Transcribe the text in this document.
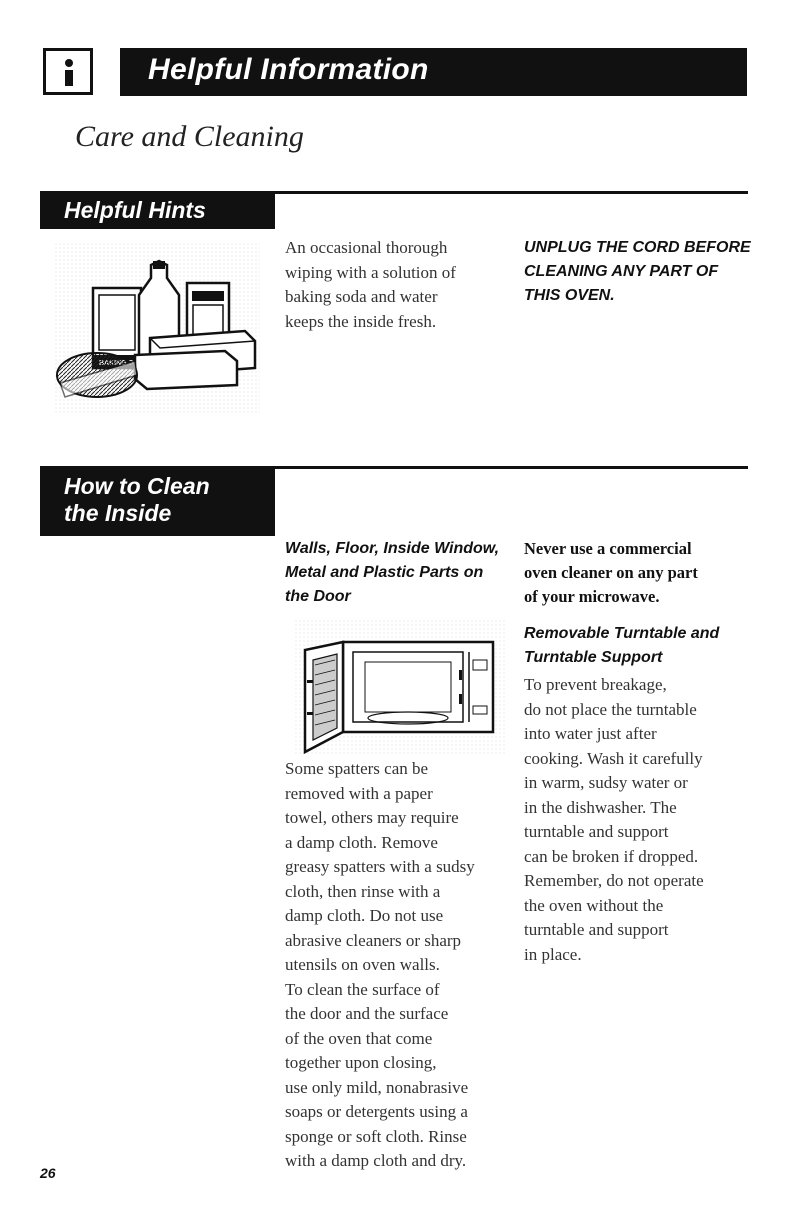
Helpful Information
Care and Cleaning
Helpful Hints
An occasional thorough
wiping with a solution of
baking soda and water
keeps the inside fresh.
UNPLUG THE CORD BEFORE
CLEANING ANY PART OF
THIS OVEN.
How to Clean
the Inside
Walls, Floor, Inside Window,
Metal and Plastic Parts on
the Door
Some spatters can be
removed with a paper
towel, others may require
a damp cloth. Remove
greasy spatters with a sudsy
cloth, then rinse with a
damp cloth. Do not use
abrasive cleaners or sharp
utensils on oven walls.
To clean the surface of
the door and the surface
of the oven that come
together upon closing,
use only mild, nonabrasive
soaps or detergents using a
sponge or soft cloth. Rinse
with a damp cloth and dry.
Never use a commercial
oven cleaner on any part
of your microwave.
Removable Turntable and
Turntable Support
To prevent breakage,
do not place the turntable
into water just after
cooking. Wash it carefully
in warm, sudsy water or
in the dishwasher. The
turntable and support
can be broken if dropped.
Remember, do not operate
the oven without the
turntable and support
in place.
26
